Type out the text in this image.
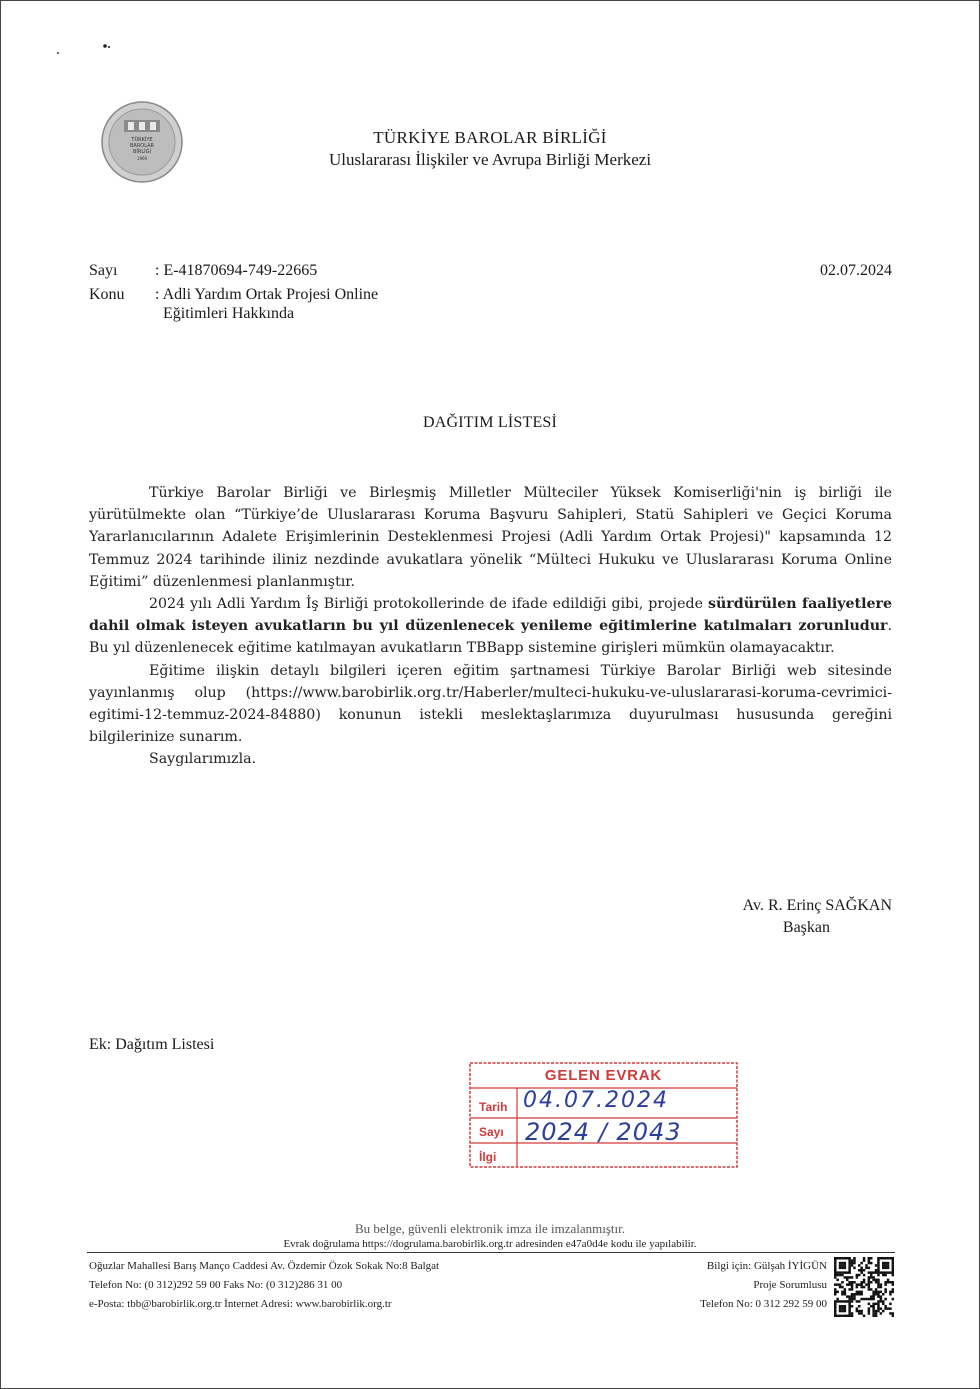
TÜRKİYE
BAROLAR
BİRLİĞİ
1969
TÜRKİYE BAROLAR BİRLİĞİ
Uluslararası İlişkiler ve Avrupa Birliği Merkezi
Sayı : E-41870694-749-22665	02.07.2024
Konu : Adli Yardım Ortak Projesi Online
Eğitimleri Hakkında
DAĞITIM LİSTESİ

Türkiye Barolar Birliği ve Birleşmiş Milletler Mülteciler Yüksek Komiserliği'nin iş birliği ile yürütülmekte olan “Türkiye’de Uluslararası Koruma Başvuru Sahipleri, Statü Sahipleri ve Geçici Koruma Yararlanıcılarının Adalete Erişimlerinin Desteklenmesi Projesi (Adli Yardım Ortak Projesi)" kapsamında 12 Temmuz 2024 tarihinde iliniz nezdinde avukatlara yönelik “Mülteci Hukuku ve Uluslararası Koruma Online Eğitimi” düzenlenmesi planlanmıştır.

2024 yılı Adli Yardım İş Birliği protokollerinde de ifade edildiği gibi, projede sürdürülen faaliyetlere dahil olmak isteyen avukatların bu yıl düzenlenecek yenileme eğitimlerine katılmaları zorunludur. Bu yıl düzenlenecek eğitime katılmayan avukatların TBBapp sistemine girişleri mümkün olamayacaktır.

Eğitime ilişkin detaylı bilgileri içeren eğitim şartnamesi Türkiye Barolar Birliği web sitesinde yayınlanmış olup (https://www.barobirlik.org.tr/Haberler/multeci-hukuku-ve-uluslararasi-koruma-cevrimici-egitimi-12-temmuz-2024-84880) konunun istekli meslektaşlarımıza duyurulması hususunda gereğini bilgilerinize sunarım.

Saygılarımızla.

Av. R. Erinç SAĞKAN
Başkan
Ek: Dağıtım Listesi
GELEN EVRAK
Tarih
Sayı
İlgi
04.07.2024
2024 / 2043
Bu belge, güvenli elektronik imza ile imzalanmıştır.
Evrak doğrulama https://dogrulama.barobirlik.org.tr adresinden e47a0d4e kodu ile yapılabilir.
Oğuzlar Mahallesi Barış Manço Caddesi Av. Özdemir Özok Sokak No:8 Balgat
Telefon No: (0 312)292 59 00 Faks No: (0 312)286 31 00
e-Posta: tbb@barobirlik.org.tr İnternet Adresi: www.barobirlik.org.tr
Bilgi için: Gülşah İYİGÜN
Proje Sorumlusu
Telefon No: 0 312 292 59 00
